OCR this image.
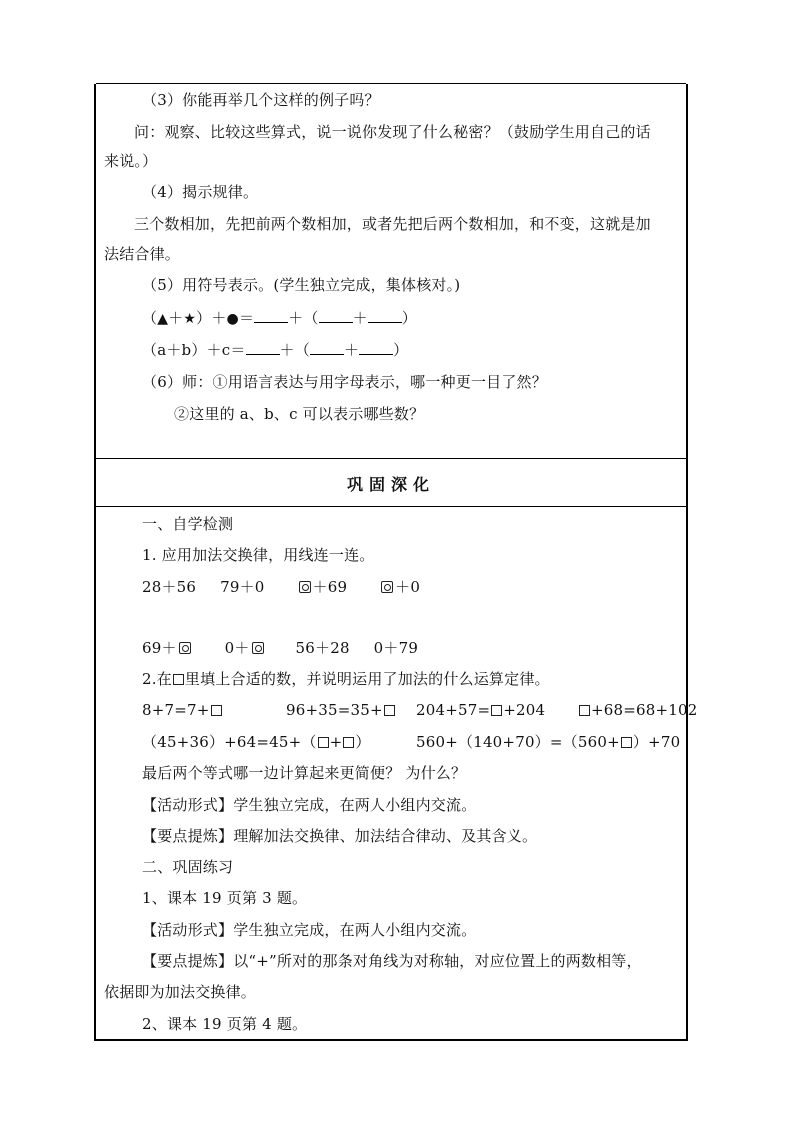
（3）你能再举几个这样的例子吗？
问：观察、比较这些算式，说一说你发现了什么秘密？（鼓励学生用自己的话
来说。）
（4）揭示规律。
三个数相加，先把前两个数相加，或者先把后两个数相加，和不变，这就是加
法结合律。
（5）用符号表示。(学生独立完成，集体核对。)
（▲＋★）＋●＝ ＋（ ＋ ）
（a＋b）＋c＝ ＋（ ＋ ）
（6）师：①用语言表达与用字母表示，哪一种更一目了然？
②这里的 a、b、c 可以表示哪些数？
巩固深化
一、自学检测
1. 应用加法交换律，用线连一连。
28＋56 79＋0	＋69	＋0
69＋	0＋	56＋28 0＋79
2.在 里填上合适的数，并说明运用了加法的什么运算定律。
8+7=7+	96+35=35+	204+57= +204	+68=68+102
（45+36）+64=45+（ + ）	560+（140+70）=（560+ ）+70
最后两个等式哪一边计算起来更简便？ 为什么？
【活动形式】学生独立完成，在两人小组内交流。
【要点提炼】理解加法交换律、加法结合律动、及其含义。
二、巩固练习
1、课本 19 页第 3 题。
【活动形式】学生独立完成，在两人小组内交流。
【要点提炼】以“+”所对的那条对角线为对称轴，对应位置上的两数相等，
依据即为加法交换律。
2、课本 19 页第 4 题。
